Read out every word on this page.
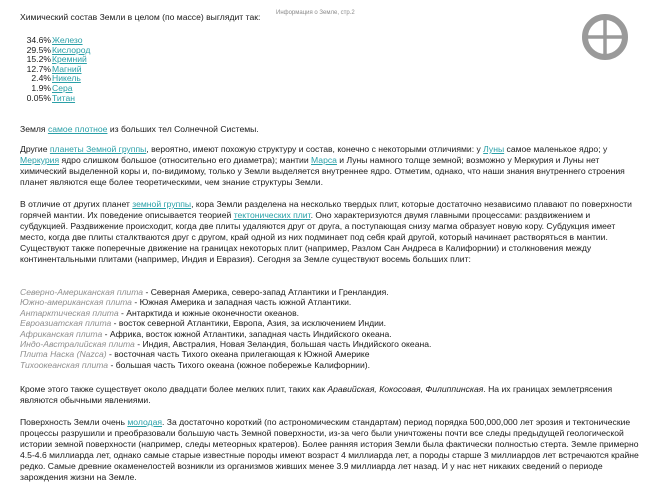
Информация о Земле, стр.2

Химический состав Земли в целом (по массе) выглядит так:

34.6%Железо
29.5%Кислород
15.2%Кремний
12.7%Магний
2.4%Никель
1.9%Сера
0.05%Титан

Земля самое плотное из больших тел Солнечной Системы.

Другие планеты Земной группы, вероятно, имеют похожую структуру и состав, конечно с некоторыми отличиями: у Луны самое маленькое ядро; у Меркурия ядро слишком большое (относительно его диаметра); мантии Марса и Луны намного толще земной; возможно у Меркурия и Луны нет химический выделенной коры и, по-видимому, только у Земли выделяется внутреннее ядро. Отметим, однако, что наши знания внутреннего строения планет являются еще более теоретическими, чем знание структуры Земли.

В отличие от других планет земной группы, кора Земли разделена на несколько твердых плит, которые достаточно независимо плавают по поверхности горячей мантии. Их поведение описывается теорией тектонических плит. Оно характеризуются двумя главными процессами: раздвижением и субдукцией. Раздвижение происходит, когда две плиты удаляются друг от друга, а поступающая снизу магма образует новую кору. Субдукция имеет место, когда две плиты сталктваются друг с другом, край одной из них подминает под себя край другой, который начинает растворяться в мантии. Существуют также поперечные движение на границах некоторых плит (например, Разлом Сан Андреса в Калифорнии) и столкновения между континентальными плитами (например, Индия и Евразия). Сегодня за Земле существуют восемь больших плит:

Северно-Американская плита - Северная Америка, северо-запад Атлантики и Гренландия.
Южно-американская плита - Южная Америка и западная часть южной Атлантики.
Антарктическая плита - Антарктида и южные оконечности океанов.
Евроазиатская плита - восток северной Атлантики, Европа, Азия, за исключением Индии.
Африканская плита - Африка, восток южной Атлантики, западная часть Индийского океана.
Индо-Австралийская плита - Индия, Австралия, Новая Зеландия, большая часть Индийского океана.
Плита Наска (Nazca) - восточная часть Тихого океана прилегающая к Южной Америке
Тихоокеанская плита - большая часть Тихого океана (южное побережье Калифорнии).

Кроме этого также существует около двадцати более мелких плит, таких как Аравийская, Кокосовая, Филиппинская. На их границах землетрясения являются обычными явлениями.

Поверхность Земли очень молодая. За достаточно короткий (по астрономическим стандартам) период порядка 500,000,000 лет эрозия и тектонические процессы разрушили и преобразовали большую часть Земной поверхности, из-за чего были уничтожены почти все следы предыдущей геологической истории земной поверхности (например, следы метеорных кратеров). Более ранняя история Земли была фактически полностью стерта. Земле примерно 4.5-4.6 миллиарда лет, однако самые старые известные породы имеют возраст 4 миллиарда лет, а породы старше 3 миллиардов лет встречаются крайне редко. Самые древние окаменелостей возникли из организмов живших менее 3.9 миллиарда лет назад. И у нас нет никаких сведений о периоде зарождения жизни на Земле.
